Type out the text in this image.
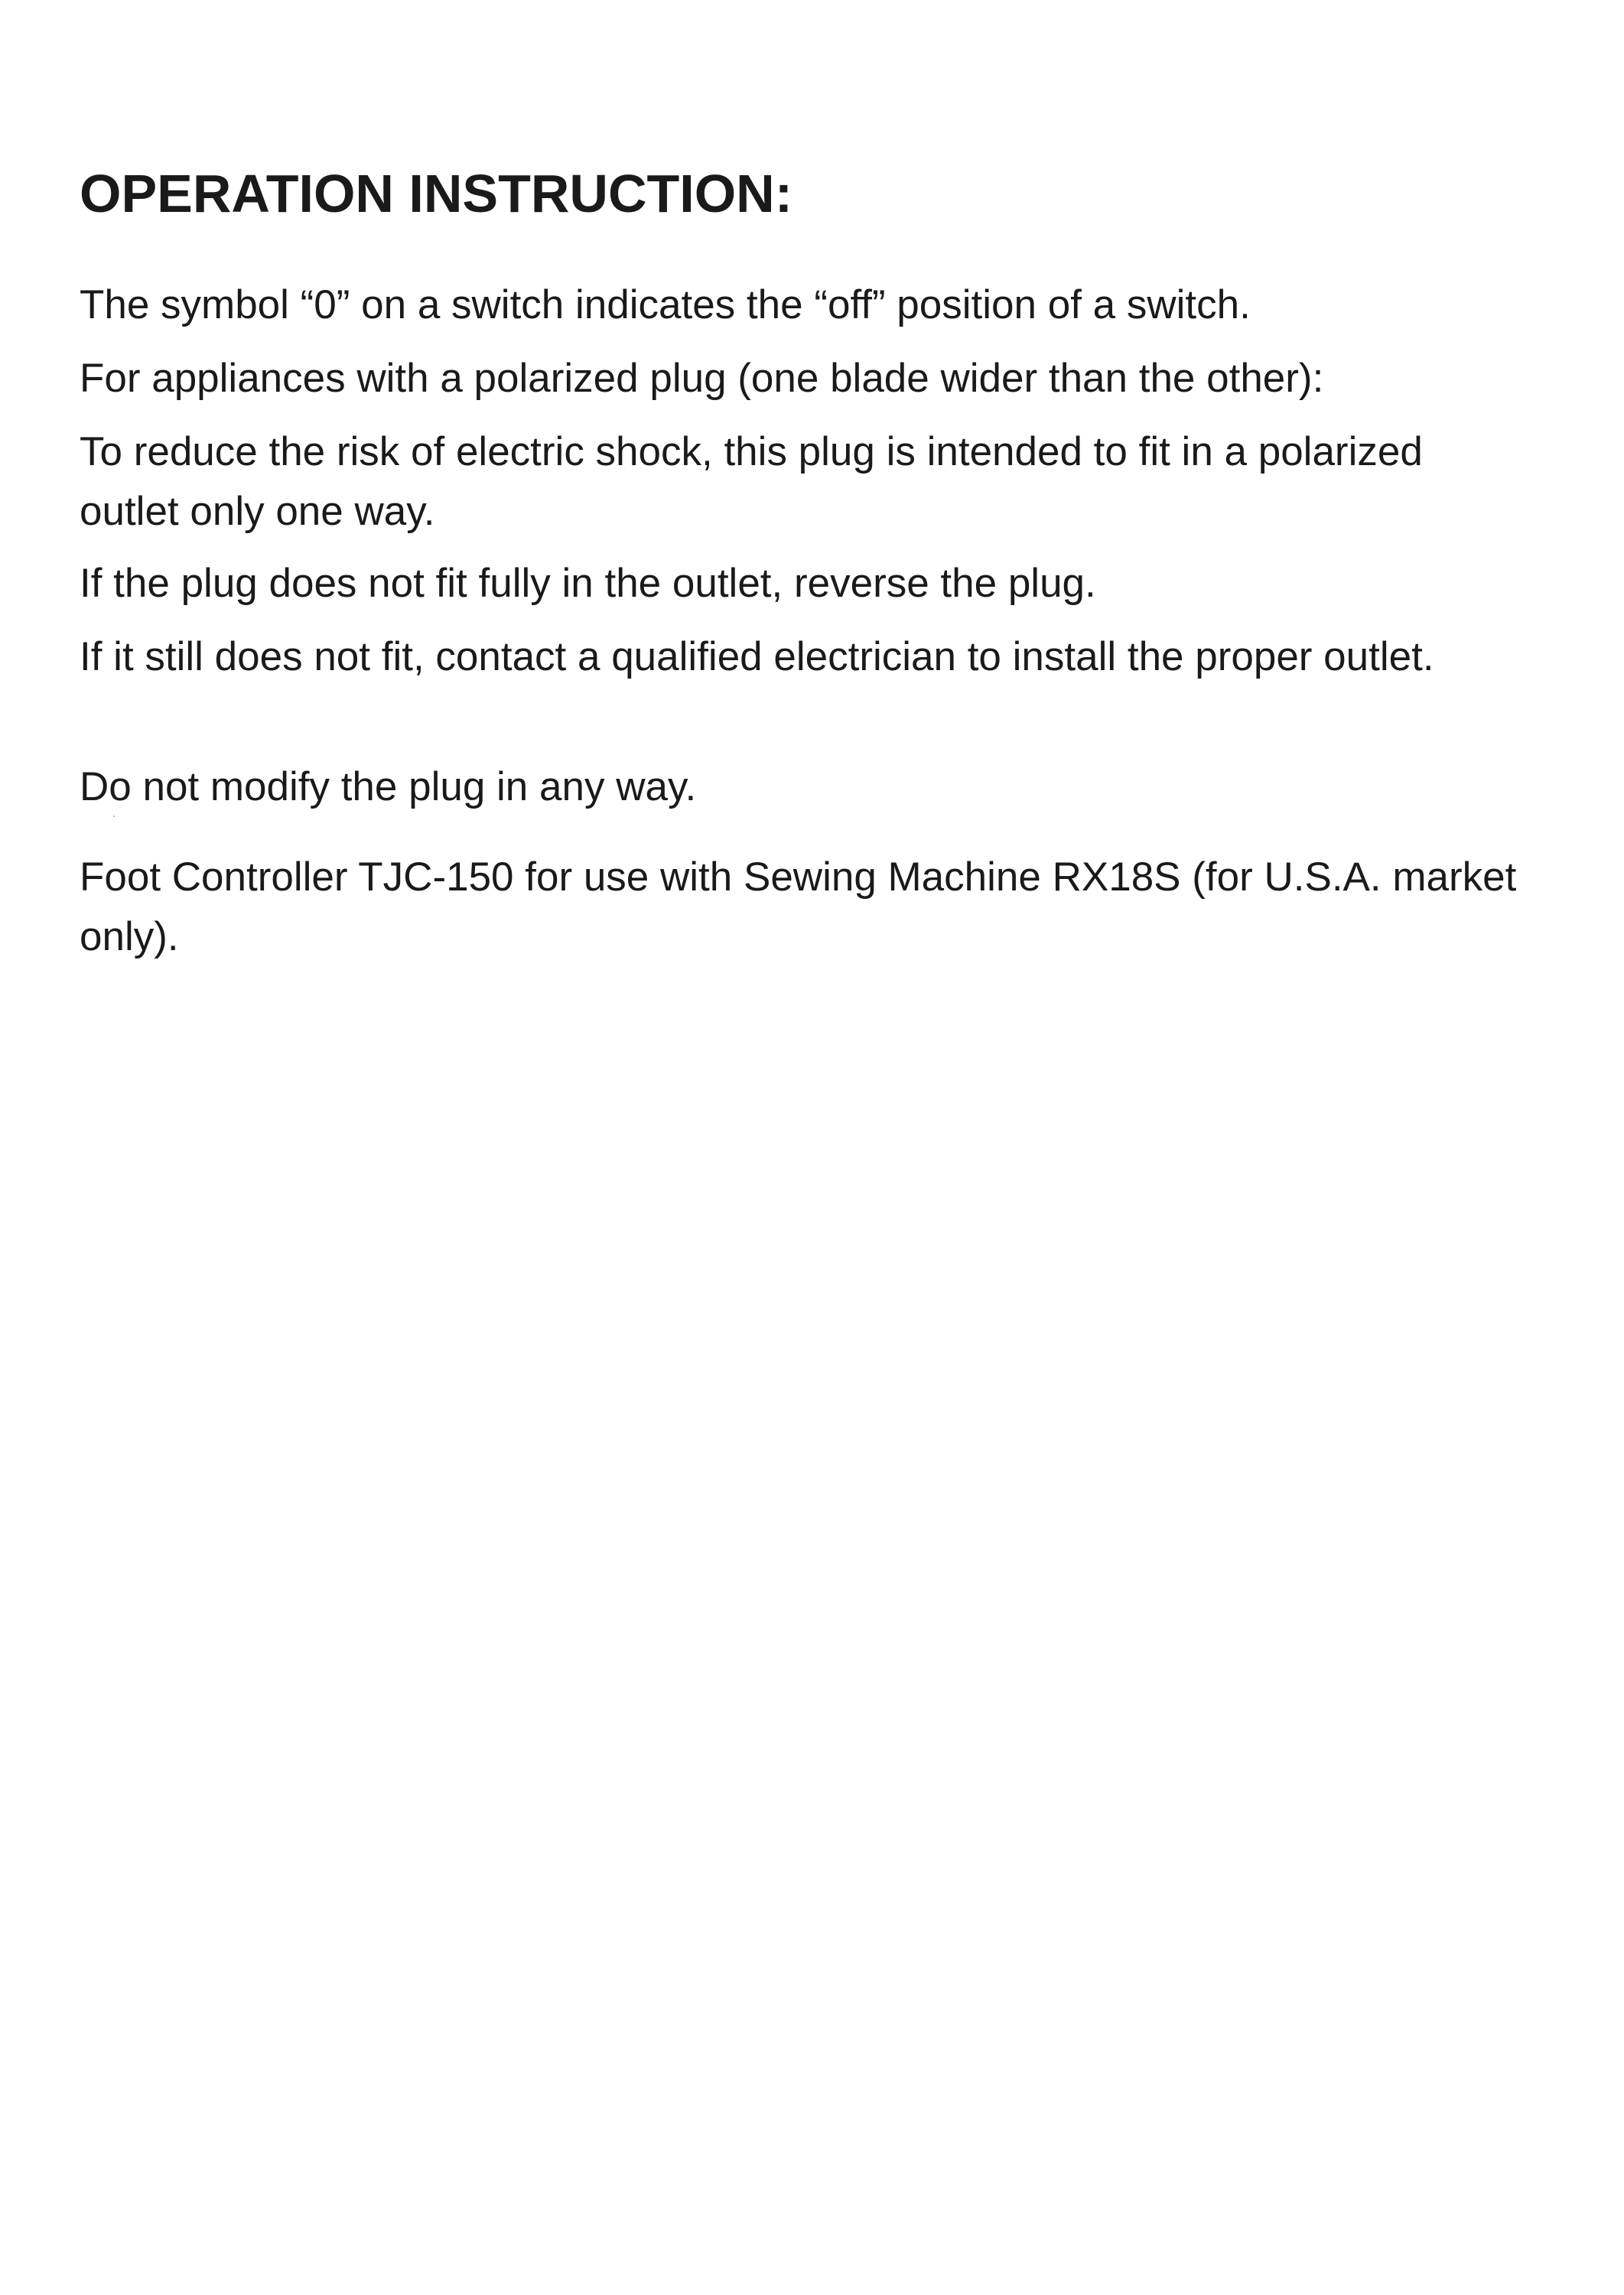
OPERATION INSTRUCTION:

The symbol “0” on a switch indicates the “off” position of a switch.

For appliances with a polarized plug (one blade wider than the other):

To reduce the risk of electric shock, this plug is intended to fit in a polarized outlet only one way.

If the plug does not fit fully in the outlet, reverse the plug.

If it still does not fit, contact a qualified electrician to install the proper outlet.

Do not modify the plug in any way.

Foot Controller TJC-150 for use with Sewing Machine RX18S (for U.S.A. market only).
